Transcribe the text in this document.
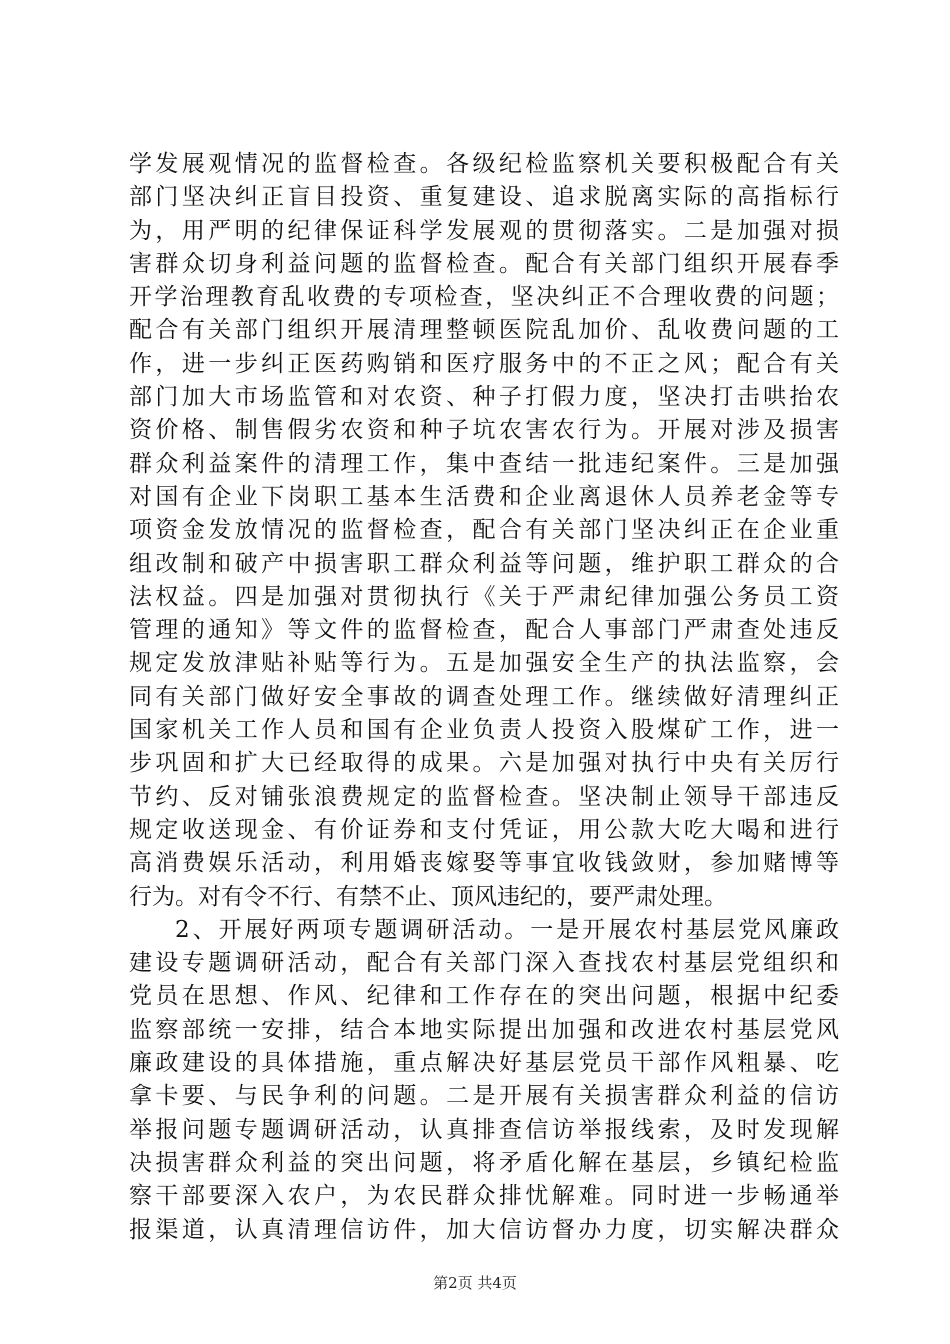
学发展观情况的监督检查。各级纪检监察机关要积极配合有关
部门坚决纠正盲目投资、重复建设、追求脱离实际的高指标行
为，用严明的纪律保证科学发展观的贯彻落实。二是加强对损
害群众切身利益问题的监督检查。配合有关部门组织开展春季
开学治理教育乱收费的专项检查，坚决纠正不合理收费的问题；
配合有关部门组织开展清理整顿医院乱加价、乱收费问题的工
作，进一步纠正医药购销和医疗服务中的不正之风；配合有关
部门加大市场监管和对农资、种子打假力度，坚决打击哄抬农
资价格、制售假劣农资和种子坑农害农行为。开展对涉及损害
群众利益案件的清理工作，集中查结一批违纪案件。三是加强
对国有企业下岗职工基本生活费和企业离退休人员养老金等专
项资金发放情况的监督检查，配合有关部门坚决纠正在企业重
组改制和破产中损害职工群众利益等问题，维护职工群众的合
法权益。四是加强对贯彻执行《关于严肃纪律加强公务员工资
管理的通知》等文件的监督检查，配合人事部门严肃查处违反
规定发放津贴补贴等行为。五是加强安全生产的执法监察，会
同有关部门做好安全事故的调查处理工作。继续做好清理纠正
国家机关工作人员和国有企业负责人投资入股煤矿工作，进一
步巩固和扩大已经取得的成果。六是加强对执行中央有关厉行
节约、反对铺张浪费规定的监督检查。坚决制止领导干部违反
规定收送现金、有价证券和支付凭证，用公款大吃大喝和进行
高消费娱乐活动，利用婚丧嫁娶等事宜收钱敛财，参加赌博等
行为。对有令不行、有禁不止、顶风违纪的，要严肃处理。
2、开展好两项专题调研活动。一是开展农村基层党风廉政
建设专题调研活动，配合有关部门深入查找农村基层党组织和
党员在思想、作风、纪律和工作存在的突出问题，根据中纪委
监察部统一安排，结合本地实际提出加强和改进农村基层党风
廉政建设的具体措施，重点解决好基层党员干部作风粗暴、吃
拿卡要、与民争利的问题。二是开展有关损害群众利益的信访
举报问题专题调研活动，认真排查信访举报线索，及时发现解
决损害群众利益的突出问题，将矛盾化解在基层，乡镇纪检监
察干部要深入农户，为农民群众排忧解难。同时进一步畅通举
报渠道，认真清理信访件，加大信访督办力度，切实解决群众
第2页 共4页
